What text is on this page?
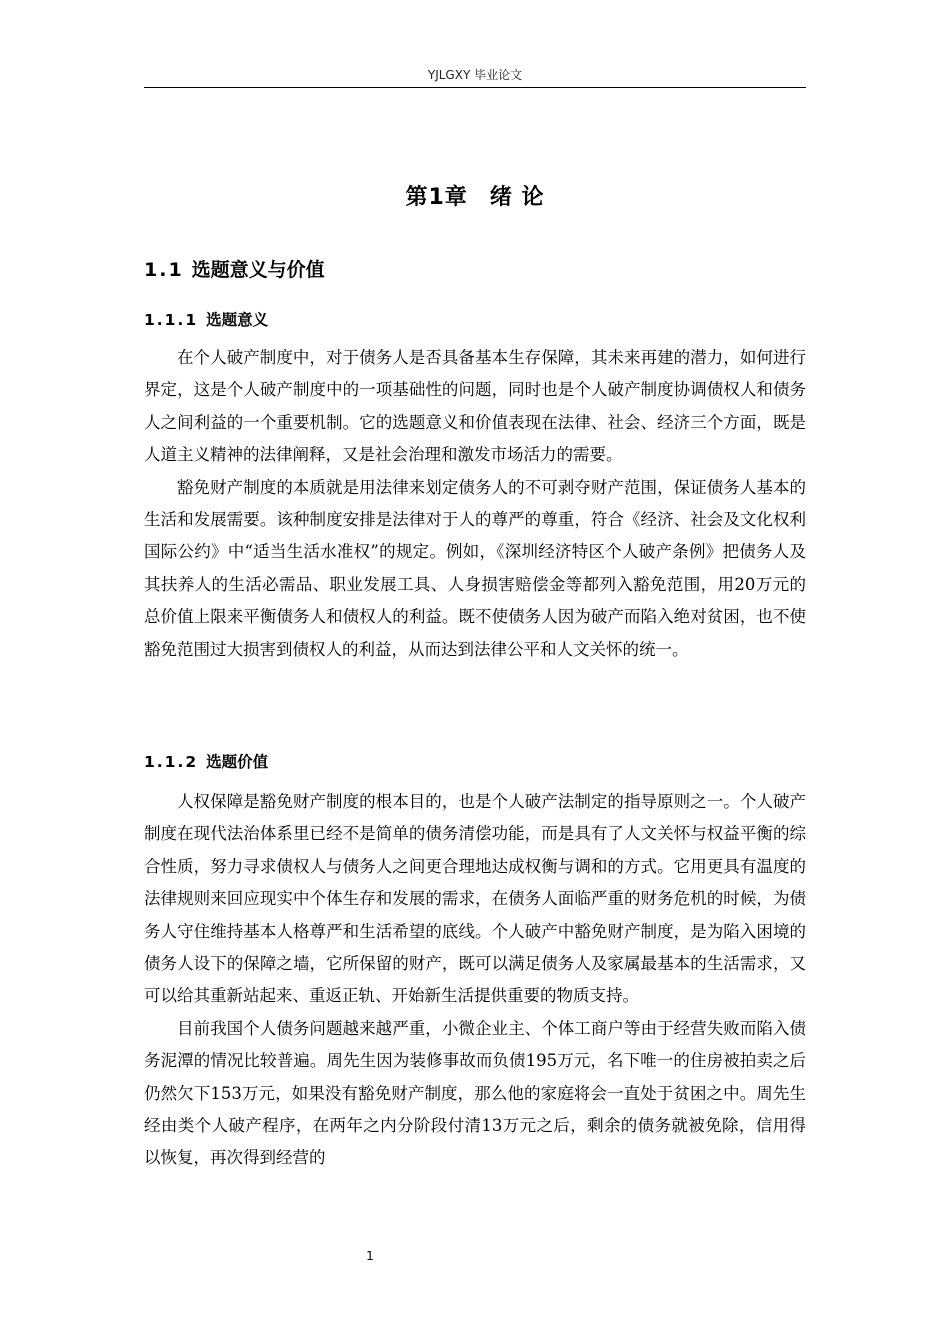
YJLGXY 毕业论文
第1章 绪 论
1.1 选题意义与价值
1.1.1 选题意义

在个人破产制度中，对于债务人是否具备基本生存保障，其未来再建的潜力，如何进行界定，这是个人破产制度中的一项基础性的问题，同时也是个人破产制度协调债权人和债务人之间利益的一个重要机制。它的选题意义和价值表现在法律、社会、经济三个方面，既是人道主义精神的法律阐释，又是社会治理和激发市场活力的需要。

豁免财产制度的本质就是用法律来划定债务人的不可剥夺财产范围，保证债务人基本的生活和发展需要。该种制度安排是法律对于人的尊严的尊重，符合《经济、社会及文化权利国际公约》中“适当生活水准权”的规定。例如，《深圳经济特区个人破产条例》把债务人及其扶养人的生活必需品、职业发展工具、人身损害赔偿金等都列入豁免范围，用20万元的总价值上限来平衡债务人和债权人的利益。既不使债务人因为破产而陷入绝对贫困，也不使豁免范围过大损害到债权人的利益，从而达到法律公平和人文关怀的统一。

1.1.2 选题价值

人权保障是豁免财产制度的根本目的，也是个人破产法制定的指导原则之一。个人破产制度在现代法治体系里已经不是简单的债务清偿功能，而是具有了人文关怀与权益平衡的综合性质，努力寻求债权人与债务人之间更合理地达成权衡与调和的方式。它用更具有温度的法律规则来回应现实中个体生存和发展的需求，在债务人面临严重的财务危机的时候，为债务人守住维持基本人格尊严和生活希望的底线。个人破产中豁免财产制度，是为陷入困境的债务人设下的保障之墙，它所保留的财产，既可以满足债务人及家属最基本的生活需求，又可以给其重新站起来、重返正轨、开始新生活提供重要的物质支持。

目前我国个人债务问题越来越严重，小微企业主、个体工商户等由于经营失败而陷入债务泥潭的情况比较普遍。周先生因为装修事故而负债195万元，名下唯一的住房被拍卖之后仍然欠下153万元，如果没有豁免财产制度，那么他的家庭将会一直处于贫困之中。周先生经由类个人破产程序，在两年之内分阶段付清13万元之后，剩余的债务就被免除，信用得以恢复，再次得到经营的

1
